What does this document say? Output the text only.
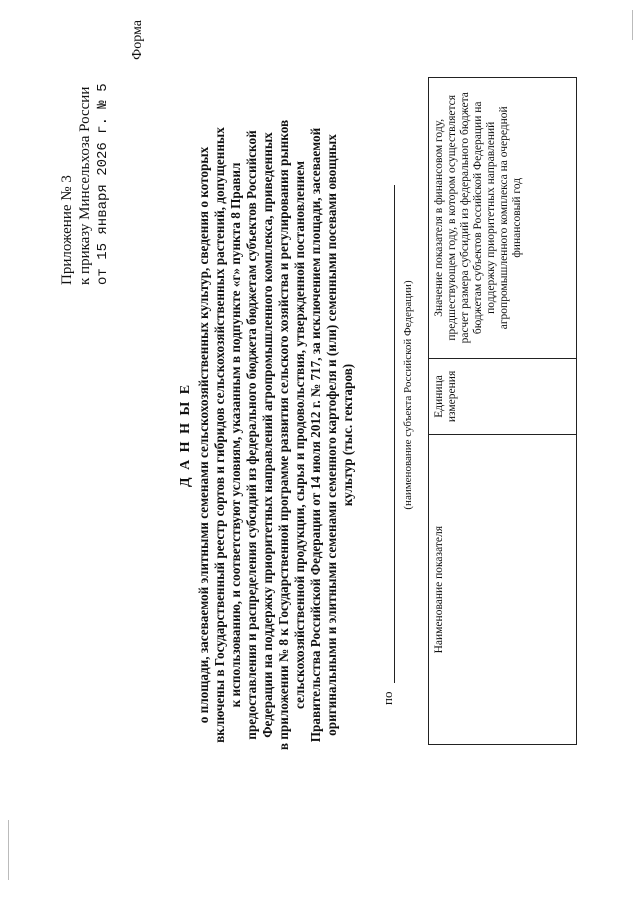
Приложение № 3 к приказу Минсельхоза России от 15 января 2026 г. № 5
Форма
Д А Н Н Ы Е о площади, засеваемой элитными семенами сельскохозяйственных культур, сведения о которых включены в Государственный реестр сортов и гибридов сельскохозяйственных растений, допущенных к использованию, и соответствуют условиям, указанным в подпункте «г» пункта 8 Правил предоставления и распределения субсидий из федерального бюджета бюджетам субъектов Российской Федерации на поддержку приоритетных направлений агропромышленного комплекса, приведенных в приложении № 8 к Государственной программе развития сельского хозяйства и регулирования рынков сельскохозяйственной продукции, сырья и продовольствия, утвержденной постановлением Правительства Российской Федерации от 14 июля 2012 г. № 717, за исключением площади, засеваемой оригинальными и элитными семенами семенного картофеля и (или) семенными посевами овощных культур (тыс. гектаров)
по
(наименование субъекта Российской Федерации)
Наименование показателя	Единица измерения	Значение показателя в финансовом году, предшествующем году, в котором осуществляется расчет размера субсидий из федерального бюджета бюджетам субъектов Российской Федерации на поддержку приоритетных направлений агропромышленного комплекса на очередной финансовый год
